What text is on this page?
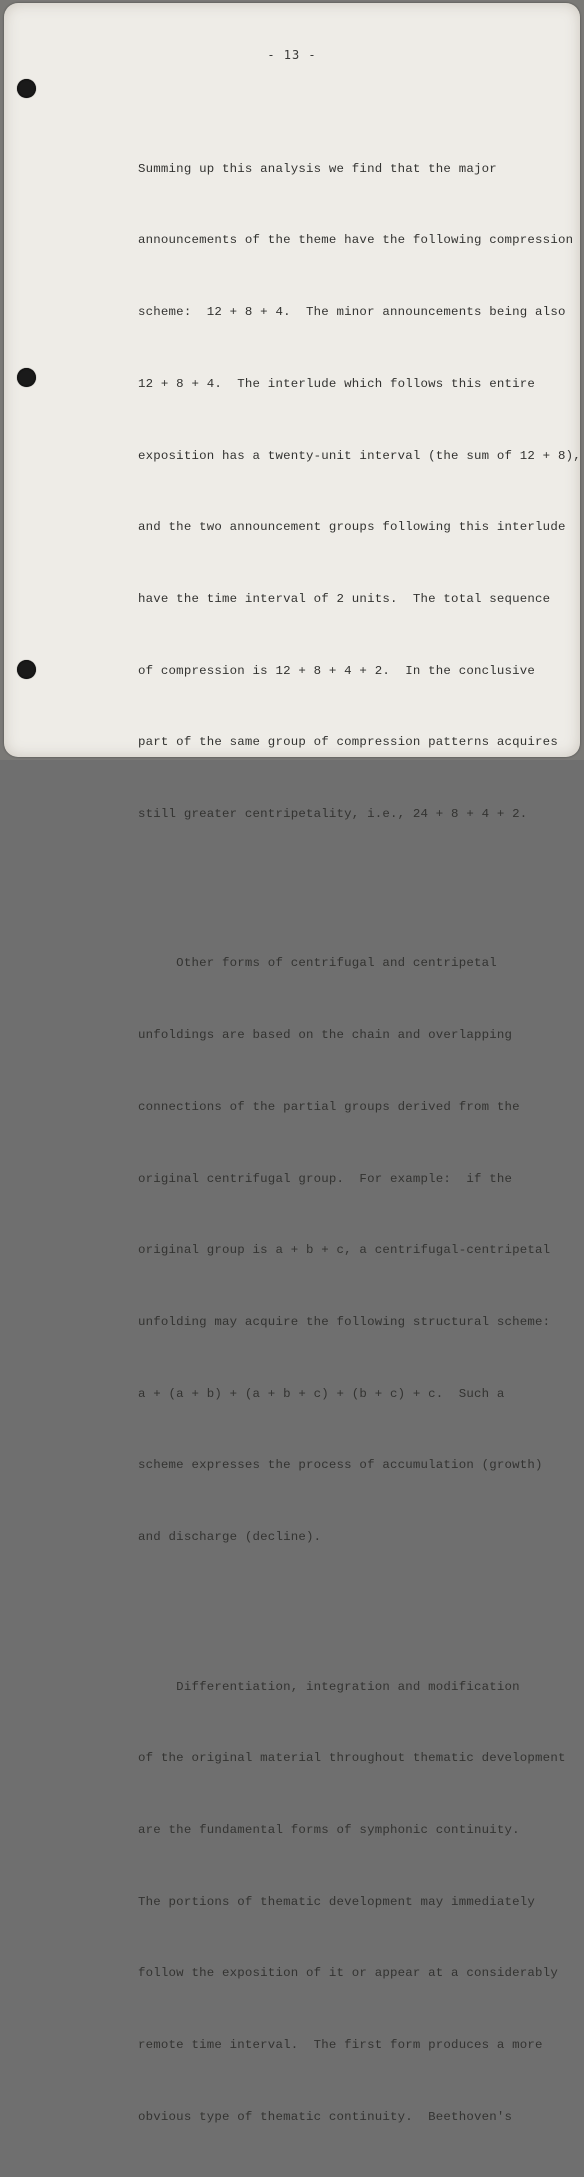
- 13 -

Summing up this analysis we find that the major

announcements of the theme have the following compression

scheme:  12 + 8 + 4.  The minor announcements being also

12 + 8 + 4.  The interlude which follows this entire

exposition has a twenty-unit interval (the sum of 12 + 8),

and the two announcement groups following this interlude

have the time interval of 2 units.  The total sequence

of compression is 12 + 8 + 4 + 2.  In the conclusive

part of the same group of compression patterns acquires

still greater centripetality, i.e., 24 + 8 + 4 + 2.

Other forms of centrifugal and centripetal

unfoldings are based on the chain and overlapping

connections of the partial groups derived from the

original centrifugal group.  For example:  if the

original group is a + b + c, a centrifugal-centripetal

unfolding may acquire the following structural scheme:

a + (a + b) + (a + b + c) + (b + c) + c.  Such a

scheme expresses the process of accumulation (growth)

and discharge (decline).

Differentiation, integration and modification

of the original material throughout thematic development

are the fundamental forms of symphonic continuity.

The portions of thematic development may immediately

follow the exposition of it or appear at a considerably

remote time interval.  The first form produces a more

obvious type of thematic continuity.  Beethoven's
